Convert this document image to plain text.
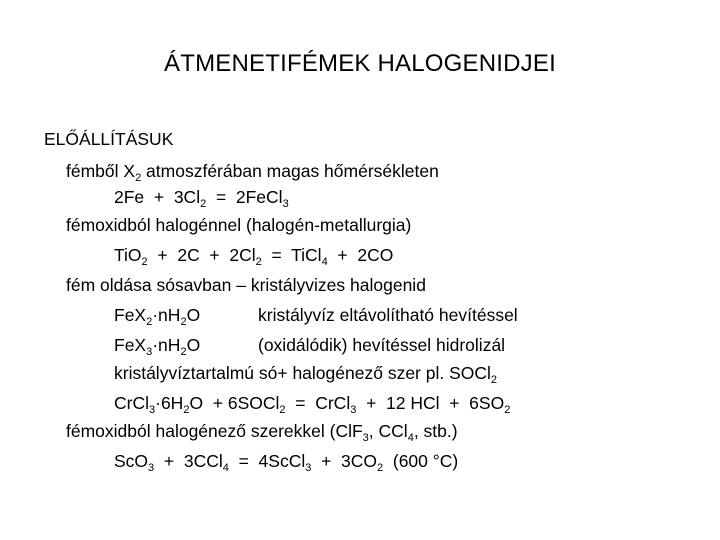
ÁTMENETIFÉMEK HALOGENIDJEI
ELŐÁLLÍTÁSUK
fémből $X_2$ atmoszférában magas hőmérsékleten
$2Fe + 3Cl_2$  =  2FeCl$_3$
fémoxidból halogénnel (halogén-metallurgia)
$TiO_2 + 2C + 2Cl_2$  =  TiCl$_4$  +  2CO
fém oldása sósavban – kristályvizes halogenid
$FeX_2\cdot nH_2O$	kristályvíz eltávolítható hevítéssel
$FeX_3\cdot nH_2O$	(oxidálódik) hevítéssel hidrolizál
kristályvíztartalmú só+ halogénező szer pl. SOCl$_2$
$CrCl_3\cdot 6H_2O$  + 6SOCl$_2$  =  CrCl$_3$  +  12 HCl  +  $6SO_2$
fémoxidból halogénező szerekkel (ClF$_3$, CCl$_4$, stb.)
ScO$_3$  +  3CCl$_4$  =  4ScCl$_3$  +  $3CO_2$  (600 °C)
